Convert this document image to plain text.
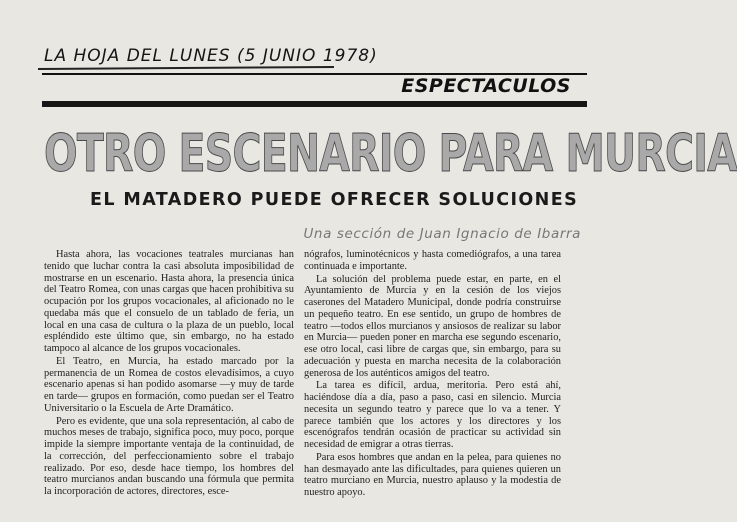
LA HOJA DEL LUNES (5 JUNIO 1978)
ESPECTACULOS
OTRO ESCENARIO PARA MURCIA
EL MATADERO PUEDE OFRECER SOLUCIONES
Una sección de Juan Ignacio de Ibarra

Hasta ahora, las vocaciones teatrales murcianas han tenido que luchar contra la casi absoluta imposibilidad de mostrarse en un escenario. Hasta ahora, la presencia única del Teatro Romea, con unas cargas que hacen prohibitiva su ocupación por los grupos vocacionales, al aficionado no le quedaba más que el consuelo de un tablado de feria, un local en una casa de cultura o la plaza de un pueblo, local espléndido este último que, sin embargo, no ha estado tampoco al alcance de los grupos vocacionales.

El Teatro, en Murcia, ha estado marcado por la permanencia de un Romea de costos elevadísimos, a cuyo escenario apenas si han podido asomarse —y muy de tarde en tarde— grupos en formación, como puedan ser el Teatro Universitario o la Escuela de Arte Dramático.

Pero es evidente, que una sola representación, al cabo de muchos meses de trabajo, significa poco, muy poco, porque impide la siempre importante ventaja de la continuidad, de la corrección, del perfeccionamiento sobre el trabajo realizado. Por eso, desde hace tiempo, los hombres del teatro murcianos andan buscando una fórmula que permita la incorporación de actores, directores, esce-

nógrafos, luminotécnicos y hasta comediógrafos, a una tarea continuada e importante.

La solución del problema puede estar, en parte, en el Ayuntamiento de Murcia y en la cesión de los viejos caserones del Matadero Municipal, donde podría construirse un pequeño teatro. En ese sentido, un grupo de hombres de teatro —todos ellos murcianos y ansiosos de realizar su labor en Murcia— pueden poner en marcha ese segundo escenario, ese otro local, casi libre de cargas que, sin embargo, para su adecuación y puesta en marcha necesita de la colaboración generosa de los auténticos amigos del teatro.

La tarea es difícil, ardua, meritoria. Pero está ahí, haciéndose día a día, paso a paso, casi en silencio. Murcia necesita un segundo teatro y parece que lo va a tener. Y parece también que los actores y los directores y los escenógrafos tendrán ocasión de practicar su actividad sin necesidad de emigrar a otras tierras.

Para esos hombres que andan en la pelea, para quienes no han desmayado ante las dificultades, para quienes quieren un teatro murciano en Murcia, nuestro aplauso y la modestia de nuestro apoyo.
